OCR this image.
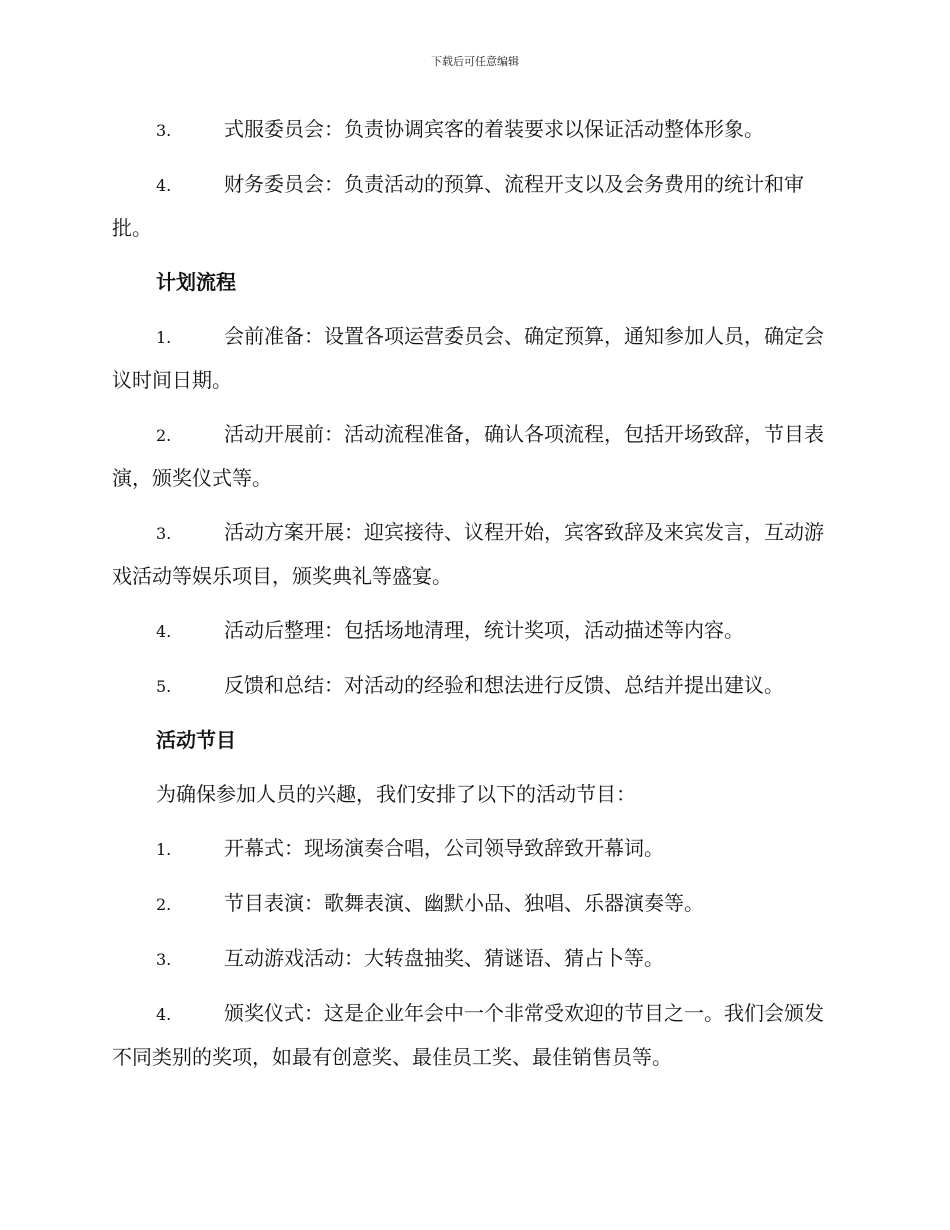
下载后可任意编辑
3.	式服委员会：负责协调宾客的着装要求以保证活动整体形象。
4.	财务委员会：负责活动的预算、流程开支以及会务费用的统计和审批。
计划流程
1.	会前准备：设置各项运营委员会、确定预算，通知参加人员，确定会议时间日期。
2.	活动开展前：活动流程准备，确认各项流程，包括开场致辞，节目表演，颁奖仪式等。
3.	活动方案开展：迎宾接待、议程开始，宾客致辞及来宾发言，互动游戏活动等娱乐项目，颁奖典礼等盛宴。
4.	活动后整理：包括场地清理，统计奖项，活动描述等内容。
5.	反馈和总结：对活动的经验和想法进行反馈、总结并提出建议。
活动节目
为确保参加人员的兴趣，我们安排了以下的活动节目：
1.	开幕式：现场演奏合唱，公司领导致辞致开幕词。
2.	节目表演：歌舞表演、幽默小品、独唱、乐器演奏等。
3.	互动游戏活动：大转盘抽奖、猜谜语、猜占卜等。
4.	颁奖仪式：这是企业年会中一个非常受欢迎的节目之一。我们会颁发不同类别的奖项，如最有创意奖、最佳员工奖、最佳销售员等。
